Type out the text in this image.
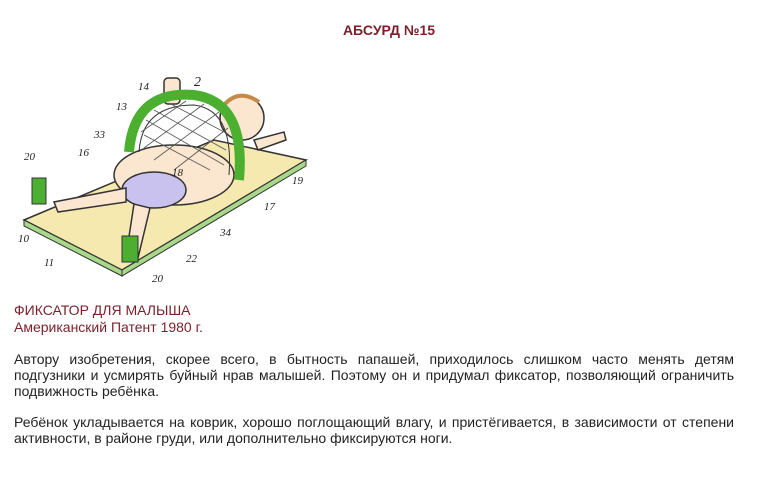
АБСУРД №15
14	2
13
33
16
20
18
19
17
10	34
11	22
20
ФИКСАТОР ДЛЯ МАЛЫША
Американский Патент 1980 г.
Автору изобретения, скорее всего, в бытность папашей, приходилось слишком часто менять детям подгузники и усмирять буйный нрав малышей. Поэтому он и придумал фиксатор, позволяющий ограничить подвижность ребёнка.
Ребёнок укладывается на коврик, хорошо поглощающий влагу, и пристёгивается, в зависимости от степени активности, в районе груди, или дополнительно фиксируются ноги.
